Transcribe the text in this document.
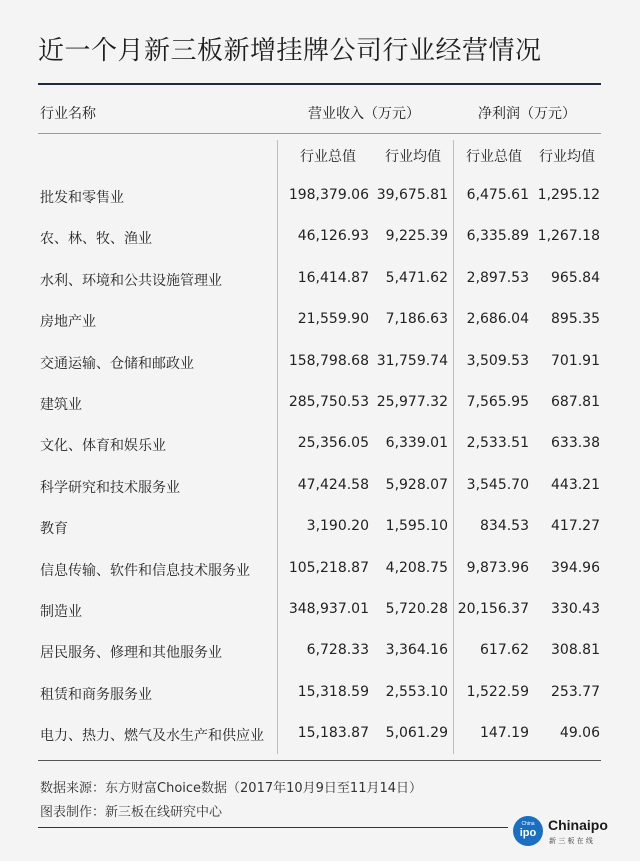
近一个月新三板新增挂牌公司行业经营情况
行业名称	营业收入（万元）	净利润（万元）
行业总值 行业均值 行业总值 行业均值
批发和零售业	198,379.06 39,675.81 6,475.61 1,295.12
农、林、牧、渔业	46,126.93 9,225.39 6,335.89 1,267.18
水利、环境和公共设施管理业	16,414.87 5,471.62 2,897.53 965.84
房地产业	21,559.90 7,186.63 2,686.04 895.35
交通运输、仓储和邮政业	158,798.68 31,759.74 3,509.53 701.91
建筑业	285,750.53 25,977.32 7,565.95 687.81
文化、体育和娱乐业	25,356.05 6,339.01 2,533.51 633.38
科学研究和技术服务业	47,424.58 5,928.07 3,545.70 443.21
教育	3,190.20 1,595.10 834.53 417.27
信息传输、软件和信息技术服务业	105,218.87 4,208.75 9,873.96 394.96
制造业	348,937.01 5,720.28 20,156.37 330.43
居民服务、修理和其他服务业	6,728.33 3,364.16 617.62 308.81
租赁和商务服务业	15,318.59 2,553.10 1,522.59 253.77
电力、热力、燃气及水生产和供应业 15,183.87 5,061.29 147.19 49.06
数据来源：东方财富Choice数据（2017年10月9日至11月14日）
图表制作：新三板在线研究中心
China
ipo Chinaipo
新 三 板 在 线
